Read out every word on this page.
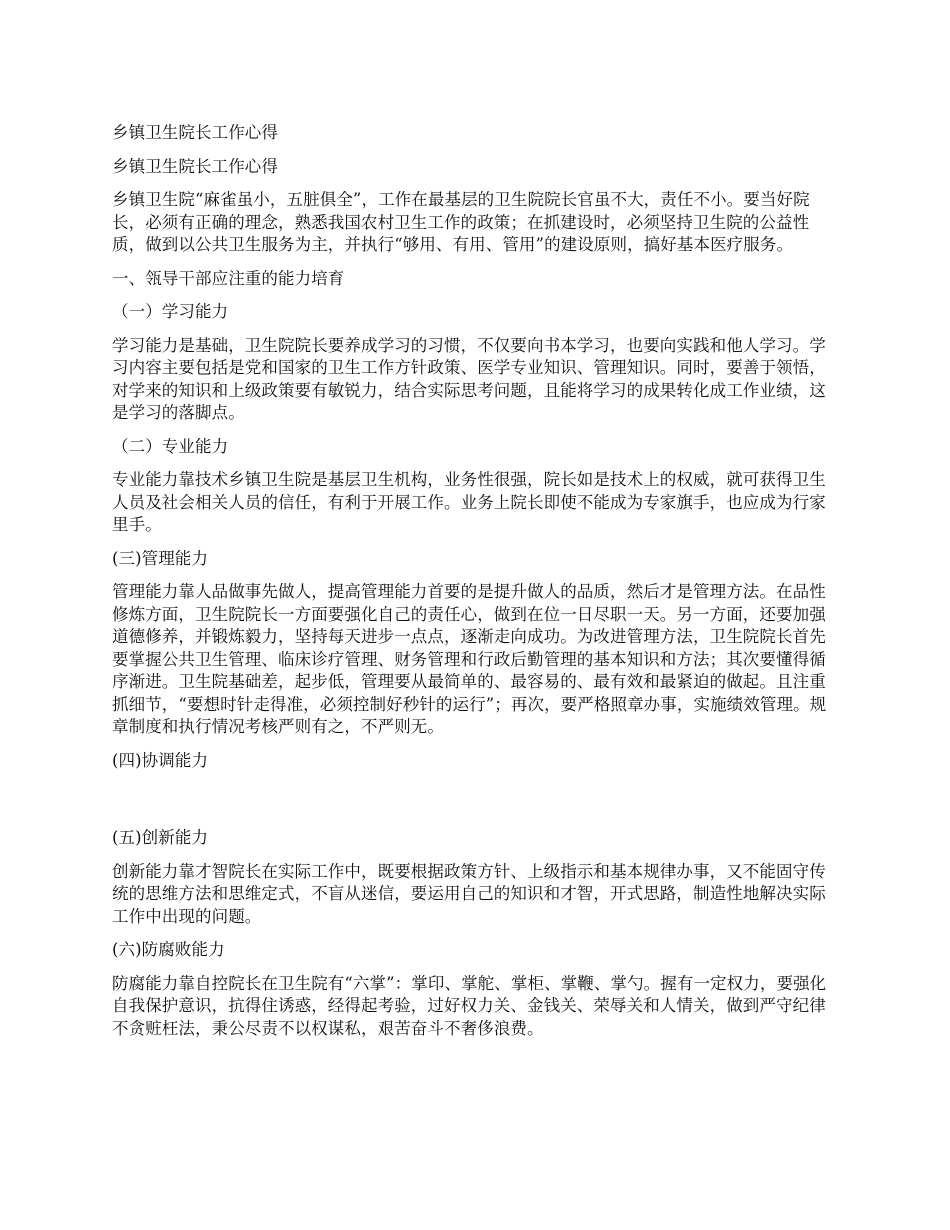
乡镇卫生院长工作心得

乡镇卫生院长工作心得

乡镇卫生院“麻雀虽小，五脏俱全”，工作在最基层的卫生院院长官虽不大，责任不小。要当好院长，必须有正确的理念，熟悉我国农村卫生工作的政策；在抓建设时，必须坚持卫生院的公益性质，做到以公共卫生服务为主，并执行“够用、有用、管用”的建设原则，搞好基本医疗服务。

一、瓴导干部应注重的能力培育

（一）学习能力

学习能力是基础，卫生院院长要养成学习的习惯，不仅要向书本学习，也要向实践和他人学习。学习内容主要包括是党和国家的卫生工作方针政策、医学专业知识、管理知识。同时，要善于领悟，对学来的知识和上级政策要有敏锐力，结合实际思考问题，且能将学习的成果转化成工作业绩，这是学习的落脚点。

（二）专业能力

专业能力靠技术乡镇卫生院是基层卫生机构，业务性很强，院长如是技术上的权威，就可获得卫生人员及社会相关人员的信任，有利于开展工作。业务上院长即使不能成为专家旗手，也应成为行家里手。

(三)管理能力

管理能力靠人品做事先做人，提高管理能力首要的是提升做人的品质，然后才是管理方法。在品性修炼方面，卫生院院长一方面要强化自己的责任心，做到在位一日尽职一天。另一方面，还要加强道德修养，并锻炼毅力，坚持每天进步一点点，逐渐走向成功。为改进管理方法，卫生院院长首先要掌握公共卫生管理、临床诊疗管理、财务管理和行政后勤管理的基本知识和方法；其次要懂得循序渐进。卫生院基础差，起步低，管理要从最简单的、最容易的、最有效和最紧迫的做起。且注重抓细节，“要想时针走得准，必须控制好秒针的运行”；再次，要严格照章办事，实施绩效管理。规章制度和执行情况考核严则有之，不严则无。

(四)协调能力

(五)创新能力

创新能力靠才智院长在实际工作中，既要根据政策方针、上级指示和基本规律办事，又不能固守传统的思维方法和思维定式，不盲从迷信，要运用自己的知识和才智，开式思路，制造性地解决实际工作中出现的问题。

(六)防腐败能力

防腐能力靠自控院长在卫生院有“六掌”：掌印、掌舵、掌柜、掌鞭、掌勺。握有一定权力，要强化自我保护意识，抗得住诱惑，经得起考验，过好权力关、金钱关、荣辱关和人情关，做到严守纪律不贪赃枉法，秉公尽责不以权谋私，艰苦奋斗不奢侈浪费。
